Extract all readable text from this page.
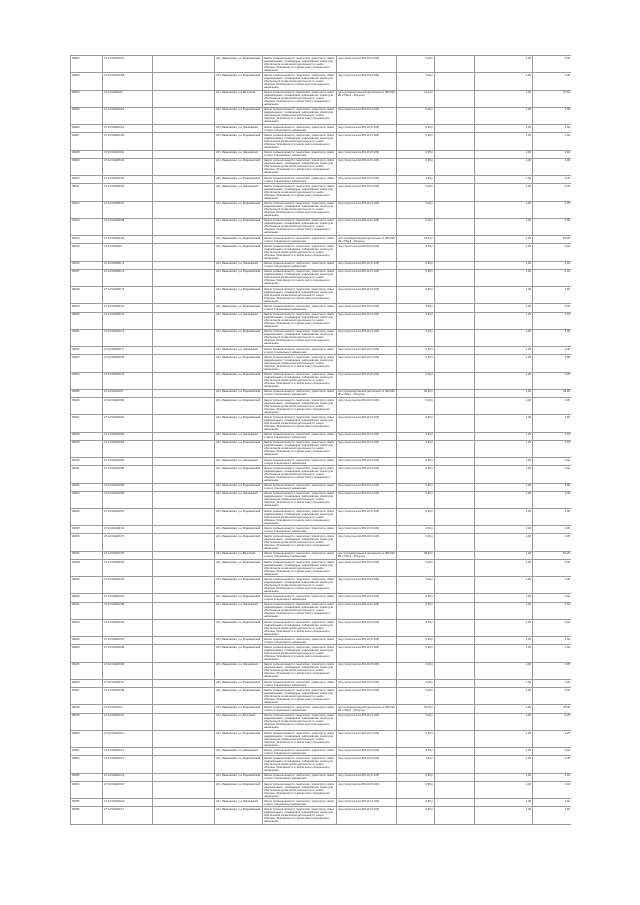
09002	27:12:040209:70		обл. Ивановская, р-н Родниковский	Земли промышленности, энергетики, транспорта, связи, радиовещания, телевидения, информатики, земли для обеспечения космической деятельности, земли обороны, безопасности и земли иного специального назначения	под строительство ВЛ-10 (Л-106)	0,00 р		1,00	0,05
09003	27:12:040209:69		обл. Ивановская, р-н Родниковский	Земли промышленности, энергетики, транспорта, связи, радиовещания, телевидения, информатики, земли для обеспечения космической деятельности, земли обороны, безопасности и земли иного специального назначения	под строительство ВЛ-10 (Л-106)	0,00 р		1,00	0,05
09004	27:12:040204:6		обл. Ивановская, р-н Вичугский	Земли промышленности, энергетики, транспорта, связи, радиовещания, телевидения, информатики, земли для обеспечения космической деятельности, земли обороны, безопасности и земли иного специального назначения	для производственной деятельности (ВЛ-220 кВ «ТЭЦ-3 – Вичуга»)	41,44 р		1,00	57,63
09005	27:12:040204:64		обл. Ивановская, р-н Родниковский	Земли промышленности, энергетики, транспорта, связи, радиовещания, телевидения, информатики, земли для обеспечения космической деятельности, земли обороны, безопасности и земли иного специального назначения	под строительство ВЛ-10 (Л-106)	0,00 р		1,00	0,05
09006	37:12:040204:61		обл. Ивановская, р-н Лежневский	Земли промышленности, энергетики, транспорта, связи и иного специального назначения	под строительство ВЛ-10 (Л-106)	0,00 р		1,00	0,04
09007	37:10:040204:63		обл. Ивановская, р-н Родниковский	Земли промышленности, энергетики, транспорта, связи, радиовещания, телевидения, информатики, земли для обеспечения космической деятельности, земли обороны, безопасности и земли иного специального назначения	под строительство ВЛ-10 (Л-106)	0,95 р		1,00	0,04
09008	37:10:040204:62		обл. Ивановская, р-н Лежневский	Земли промышленности, энергетики, транспорта, связи и иного специального назначения	под строительство ВЛ-10 (Л-106)	0,95 р		1,00	0,04
09009	37:10:040206:64		обл. Ивановская, р-н Родниковский	Земли промышленности, энергетики, транспорта, связи, радиовещания, телевидения, информатики, земли для обеспечения космической деятельности, земли обороны, безопасности и земли иного специального назначения	под строительство ВЛ-10 (Л-106)	0,95 р		1,00	1,00
09010	37:10:040206:65		обл. Ивановская, р-н Родниковский	Земли промышленности, энергетики, транспорта, связи и иного специального назначения	под строительство ВЛ-10 (Л-106)	0,95 р		1,00	0,46
09011	27:12:040206:66		обл. Ивановская, р-н Лежневский	Земли промышленности, энергетики, транспорта, связи, радиовещания, телевидения, информатики, земли для обеспечения космической деятельности, земли обороны, безопасности и земли иного специального назначения	под строительство ВЛ-10 (Л-106)	0,00 р		1,00	0,46
09012	27:12:040206:67		обл. Ивановская, р-н Родниковский	Земли промышленности, энергетики, транспорта, связи, радиовещания, телевидения, информатики, земли для обеспечения космической деятельности, земли обороны, безопасности и земли иного специального назначения	под строительство ВЛ-10 (Л-106)	0,00 р		1,00	0,05
09013	27:12:040206:68		обл. Ивановская, р-н Родниковский	Земли промышленности, энергетики, транспорта, связи, радиовещания, телевидения, информатики, земли для обеспечения космической деятельности, земли обороны, безопасности и земли иного специального назначения	под строительство ВЛ-10 (Л-106)	0,00 р		1,00	0,05
09014	27:12:040206:69		обл. Ивановская, р-н Родниковский	Земли промышленности, энергетики, транспорта, связи и иного специального назначения	для производственной деятельности (ВЛ-220 кВ «ТЭЦ-3 – Вичуга»)	44,00 р		1,00	84,65
09015	37:12:040206:7		обл. Ивановская, р-н Родниковский	Земли промышленности, энергетики, транспорта, связи, радиовещания, телевидения, информатики, земли для обеспечения космической деятельности, земли обороны, безопасности и земли иного специального назначения	под строительство ВЛ-10 (Л-106)	0,95 р		1,00	0,04
09016	37:12:040206:71		обл. Ивановская, р-н Лежневский	Земли промышленности, энергетики, транспорта, связи и иного специального назначения	под строительство ВЛ-10 (Л-106)	0,95 р		1,00	0,04
09017	27:12:040206:72		обл. Ивановская, р-н Родниковский	Земли промышленности, энергетики, транспорта, связи, радиовещания, телевидения, информатики, земли для обеспечения космической деятельности, земли обороны, безопасности и земли иного специального назначения	под строительство ВЛ-10 (Л-106)	0,95 р		1,00	0,04
09018	27:12:040206:73		обл. Ивановская, р-н Родниковский	Земли промышленности, энергетики, транспорта, связи, радиовещания, телевидения, информатики, земли для обеспечения космической деятельности, земли обороны, безопасности и земли иного специального назначения	под строительство ВЛ-10 (Л-106)	0,95 р		1,00	0,04
09019	27:10:040206:75		обл. Ивановская, р-н Родниковский	Земли промышленности, энергетики, транспорта, связи и иного специального назначения	под строительство ВЛ-10 (Л-106)	0,95 р		1,00	0,04
09020	27:10:040206:76		обл. Ивановская, р-н Лежневский	Земли промышленности, энергетики, транспорта, связи, радиовещания, телевидения, информатики, земли для обеспечения космической деятельности, земли обороны, безопасности и земли иного специального назначения	под строительство ВЛ-10 (Л-106)	0,95 р		1,00	0,04
09021	37:10:040209:74		обл. Ивановская, р-н Родниковский	Земли промышленности, энергетики, транспорта, связи, радиовещания, телевидения, информатики, земли для обеспечения космической деятельности, земли обороны, безопасности и земли иного специального назначения	под строительство ВЛ-10 (Л-106)	0,95 р		1,00	5,90
09022	27:12:040209:77		обл. Ивановская, р-н Лежневский	Земли промышленности, энергетики, транспорта, связи и иного специального назначения	под строительство ВЛ-10 (Л-106)	0,95 р		1,00	0,46
09023	27:12:040209:78		обл. Ивановская, р-н Родниковский	Земли промышленности, энергетики, транспорта, связи, радиовещания, телевидения, информатики, земли для обеспечения космической деятельности, земли обороны, безопасности и земли иного специального назначения	под строительство ВЛ-10 (Л-106)	0,95 р		1,00	5,90
09024	27:12:040209:79		обл. Ивановская, р-н Родниковский	Земли промышленности, энергетики, транспорта, связи, радиовещания, телевидения, информатики, земли для обеспечения космической деятельности, земли обороны, безопасности и земли иного специального назначения	под строительство ВЛ-10 (Л-106)	0,00 р		1,00	0,05
09025	27:12:040209:8		обл. Ивановская, р-н Родниковский	Земли промышленности, энергетики, транспорта, связи и иного специального назначения	для производственной деятельности (ВЛ-220 кВ «ТЭЦ-3 – Вичуга»)	45,00 р		1,00	54,05
09026	27:12:040209:80		обл. Ивановская, р-н Родниковский	Земли промышленности, энергетики, транспорта, связи, радиовещания, телевидения, информатики, земли для обеспечения космической деятельности, земли обороны, безопасности и земли иного специального назначения	под строительство ВЛ-10 (Л-106)	0,00 р		1,00	0,05
09027	27:12:040209:81		обл. Ивановская, р-н Родниковский	Земли промышленности, энергетики, транспорта, связи, радиовещания, телевидения, информатики, земли для обеспечения космической деятельности, земли обороны, безопасности и земли иного специального назначения	под строительство ВЛ-10 (Л-106)	0,95 р		1,00	0,04
09028	27:12:040209:82		обл. Ивановская, р-н Лежневский	Земли промышленности, энергетики, транспорта, связи и иного специального назначения	под строительство ВЛ-10 (Л-106)	0,95 р		1,00	0,04
09029	27:12:040209:83		обл. Ивановская, р-н Родниковский	Земли промышленности, энергетики, транспорта, связи, радиовещания, телевидения, информатики, земли для обеспечения космической деятельности, земли обороны, безопасности и земли иного специального назначения	под строительство ВЛ-10 (Л-106)	0,95 р		1,00	0,04
09030	27:12:040209:84		обл. Ивановская, р-н Лежневский	Земли промышленности, энергетики, транспорта, связи и иного специального назначения	под строительство ВЛ-10 (Л-106)	0,95 р		1,00	0,04
09031	27:12:040209:85		обл. Ивановская, р-н Родниковский	Земли промышленности, энергетики, транспорта, связи, радиовещания, телевидения, информатики, земли для обеспечения космической деятельности, земли обороны, безопасности и земли иного специального назначения	под строительство ВЛ-10 (Л-106)	0,95 р		1,00	0,04
09032	27:10:040209:86		обл. Ивановская, р-н Родниковский	Земли промышленности, энергетики, транспорта, связи и иного специального назначения	под строительство ВЛ-10 (Л-106)	0,95 р		1,00	5,90
09033	27:10:040209:85		обл. Ивановская, р-н Лежневский	Земли промышленности, энергетики, транспорта, связи, радиовещания, телевидения, информатики, земли для обеспечения космической деятельности, земли обороны, безопасности и земли иного специального назначения	под строительство ВЛ-10 (Л-106)	0,95 р		1,00	0,46
09034	27:10:040209:87		обл. Ивановская, р-н Родниковский	Земли промышленности, энергетики, транспорта, связи, радиовещания, телевидения, информатики, земли для обеспечения космической деятельности, земли обороны, безопасности и земли иного специального назначения	под строительство ВЛ-10 (Л-106)	0,00 р		1,00	0,00
09035	27:11:040209:91		обл. Ивановская, р-н Родниковский	Земли промышленности, энергетики, транспорта, связи и иного специального назначения	под строительство ВЛ-10 (Л-106)	0,00 р		1,00	0,00
09036	27:12:040209:79		обл. Ивановская, р-н Родниковский	Земли промышленности, энергетики, транспорта, связи, радиовещания, телевидения, информатики, земли для обеспечения космической деятельности, земли обороны, безопасности и земли иного специального назначения	под строительство ВЛ-10 (Л-106)	0,00 р		1,00	0,05
09037	27:12:040204:93		обл. Ивановская, р-н Вичугский	Земли промышленности, энергетики, транспорта, связи и иного специального назначения	для производственной деятельности (ВЛ-220 кВ «ТЭЦ-3 – Вичуга»)	49,00 р		1,00	84,25
09038	27:12:040206:90		обл. Ивановская, р-н Родниковский	Земли промышленности, энергетики, транспорта, связи, радиовещания, телевидения, информатики, земли для обеспечения космической деятельности, земли обороны, безопасности и земли иного специального назначения	под строительство ВЛ-10 (Л-106)	0,00 р		1,00	0,05
09039	27:12:040204:94		обл. Ивановская, р-н Родниковский	Земли промышленности, энергетики, транспорта, связи, радиовещания, телевидения, информатики, земли для обеспечения космической деятельности, земли обороны, безопасности и земли иного специального назначения	под строительство ВЛ-10 (Л-106)	0,00 р		1,00	0,05
09040	27:12:040204:92		обл. Ивановская, р-н Родниковский	Земли промышленности, энергетики, транспорта, связи и иного специального назначения	под строительство ВЛ-10 (Л-106)	0,95 р		1,00	0,04
09041	37:12:040204:95		обл. Ивановская, р-н Лежневский	Земли промышленности, энергетики, транспорта, связи, радиовещания, телевидения, информатики, земли для обеспечения космической деятельности, земли обороны, безопасности и земли иного специального назначения	под строительство ВЛ-10 (Л-106)	0,95 р		1,00	0,04
09042	37:10:040204:96		обл. Ивановская, р-н Родниковский	Земли промышленности, энергетики, транспорта, связи, радиовещания, телевидения, информатики, земли для обеспечения космической деятельности, земли обороны, безопасности и земли иного специального назначения	под строительство ВЛ-10 (Л-106)	0,95 р		1,00	0,04
09043	37:10:040204:97		обл. Ивановская, р-н Родниковский	Земли промышленности, энергетики, транспорта, связи и иного специального назначения	под строительство ВЛ-10 (Л-106)	0,95 р		1,00	0,04
09044	27:10:040206:98		обл. Ивановская, р-н Родниковский	Земли промышленности, энергетики, транспорта, связи, радиовещания, телевидения, информатики, земли для обеспечения космической деятельности, земли обороны, безопасности и земли иного специального назначения	под строительство ВЛ-10 (Л-106)	0,95 р		1,00	0,04
09045	27:12:040209:96		обл. Ивановская, р-н Лежневский	Земли промышленности, энергетики, транспорта, связи, радиовещания, телевидения, информатики, земли для обеспечения космической деятельности, земли обороны, безопасности и земли иного специального назначения	под строительство ВЛ-10 (Л-106)	0,00 р		1,00	0,05
09046	27:11:040209:97		обл. Ивановская, р-н Родниковский	Земли промышленности, энергетики, транспорта, связи и иного специального назначения	под строительство ВЛ-10 (Л-106)	0,00 р		1,00	0,00
09047	27:12:040209:98		обл. Ивановская, р-н Родниковский	Земли промышленности, энергетики, транспорта, связи, радиовещания, телевидения, информатики, земли для обеспечения космической деятельности, земли обороны, безопасности и земли иного специального назначения	под строительство ВЛ-10 (Л-106)	0,00 р		1,00	0,00
09048	27:12:040209:1		обл. Ивановская, р-н Родниковский	Земли промышленности, энергетики, транспорта, связи и иного специального назначения	для производственной деятельности (ВЛ-220 кВ «ТЭЦ-3 – Вичуга»)	45,00 р		1,00	35,00
09049	27:12:040204:10		обл. Ивановская, р-н Вичугский	Земли промышленности, энергетики, транспорта, связи, радиовещания, телевидения, информатики, земли для обеспечения космической деятельности, земли обороны, безопасности и земли иного специального назначения	под строительство ВЛ-10 (Л-106)	0,00 р		1,00	0,25
09050	27:12:040204:11		обл. Ивановская, р-н Родниковский	Земли промышленности, энергетики, транспорта, связи, радиовещания, телевидения, информатики, земли для обеспечения космической деятельности, земли обороны, безопасности и земли иного специального назначения	под строительство ВЛ-10 (Л-106)	0,95 р		1,00	0,25
09051	37:12:040204:12		обл. Ивановская, р-н Лежневский	Земли промышленности, энергетики, транспорта, связи и иного специального назначения	под строительство ВЛ-10 (Л-106)	0,95 р		1,00	0,04
09052	37:12:040204:13		обл. Ивановская, р-н Родниковский	Земли промышленности, энергетики, транспорта, связи, радиовещания, телевидения, информатики, земли для обеспечения космической деятельности, земли обороны, безопасности и земли иного специального назначения	под строительство ВЛ-10 (Л-106)	1,00 р		1,00	1,35
09053	27:12:040204:14		обл. Ивановская, р-н Родниковский	Земли промышленности, энергетики, транспорта, связи и иного специального назначения	под строительство ВЛ-10 (Л-106)	0,95 р		1,00	0,04
09054	27:10:040209:15		обл. Ивановская, р-н Родниковский	Земли промышленности, энергетики, транспорта, связи, радиовещания, телевидения, информатики, земли для обеспечения космической деятельности, земли обороны, безопасности и земли иного специального назначения	под строительство ВЛ-10 (Л-106)	0,95 р		1,00	0,04
09055	27:10:040209:16		обл. Ивановская, р-н Лежневский	Земли промышленности, энергетики, транспорта, связи и иного специального назначения	под строительство ВЛ-10 (Л-106)	0,95 р		1,00	0,04
09056	27:12:040209:17		обл. Ивановская, р-н Родниковский	Земли промышленности, энергетики, транспорта, связи, радиовещания, телевидения, информатики, земли для обеспечения космической деятельности, земли обороны, безопасности и земли иного специального назначения	под строительство ВЛ-10 (Л-106)	0,95 р		1,00	0,04
